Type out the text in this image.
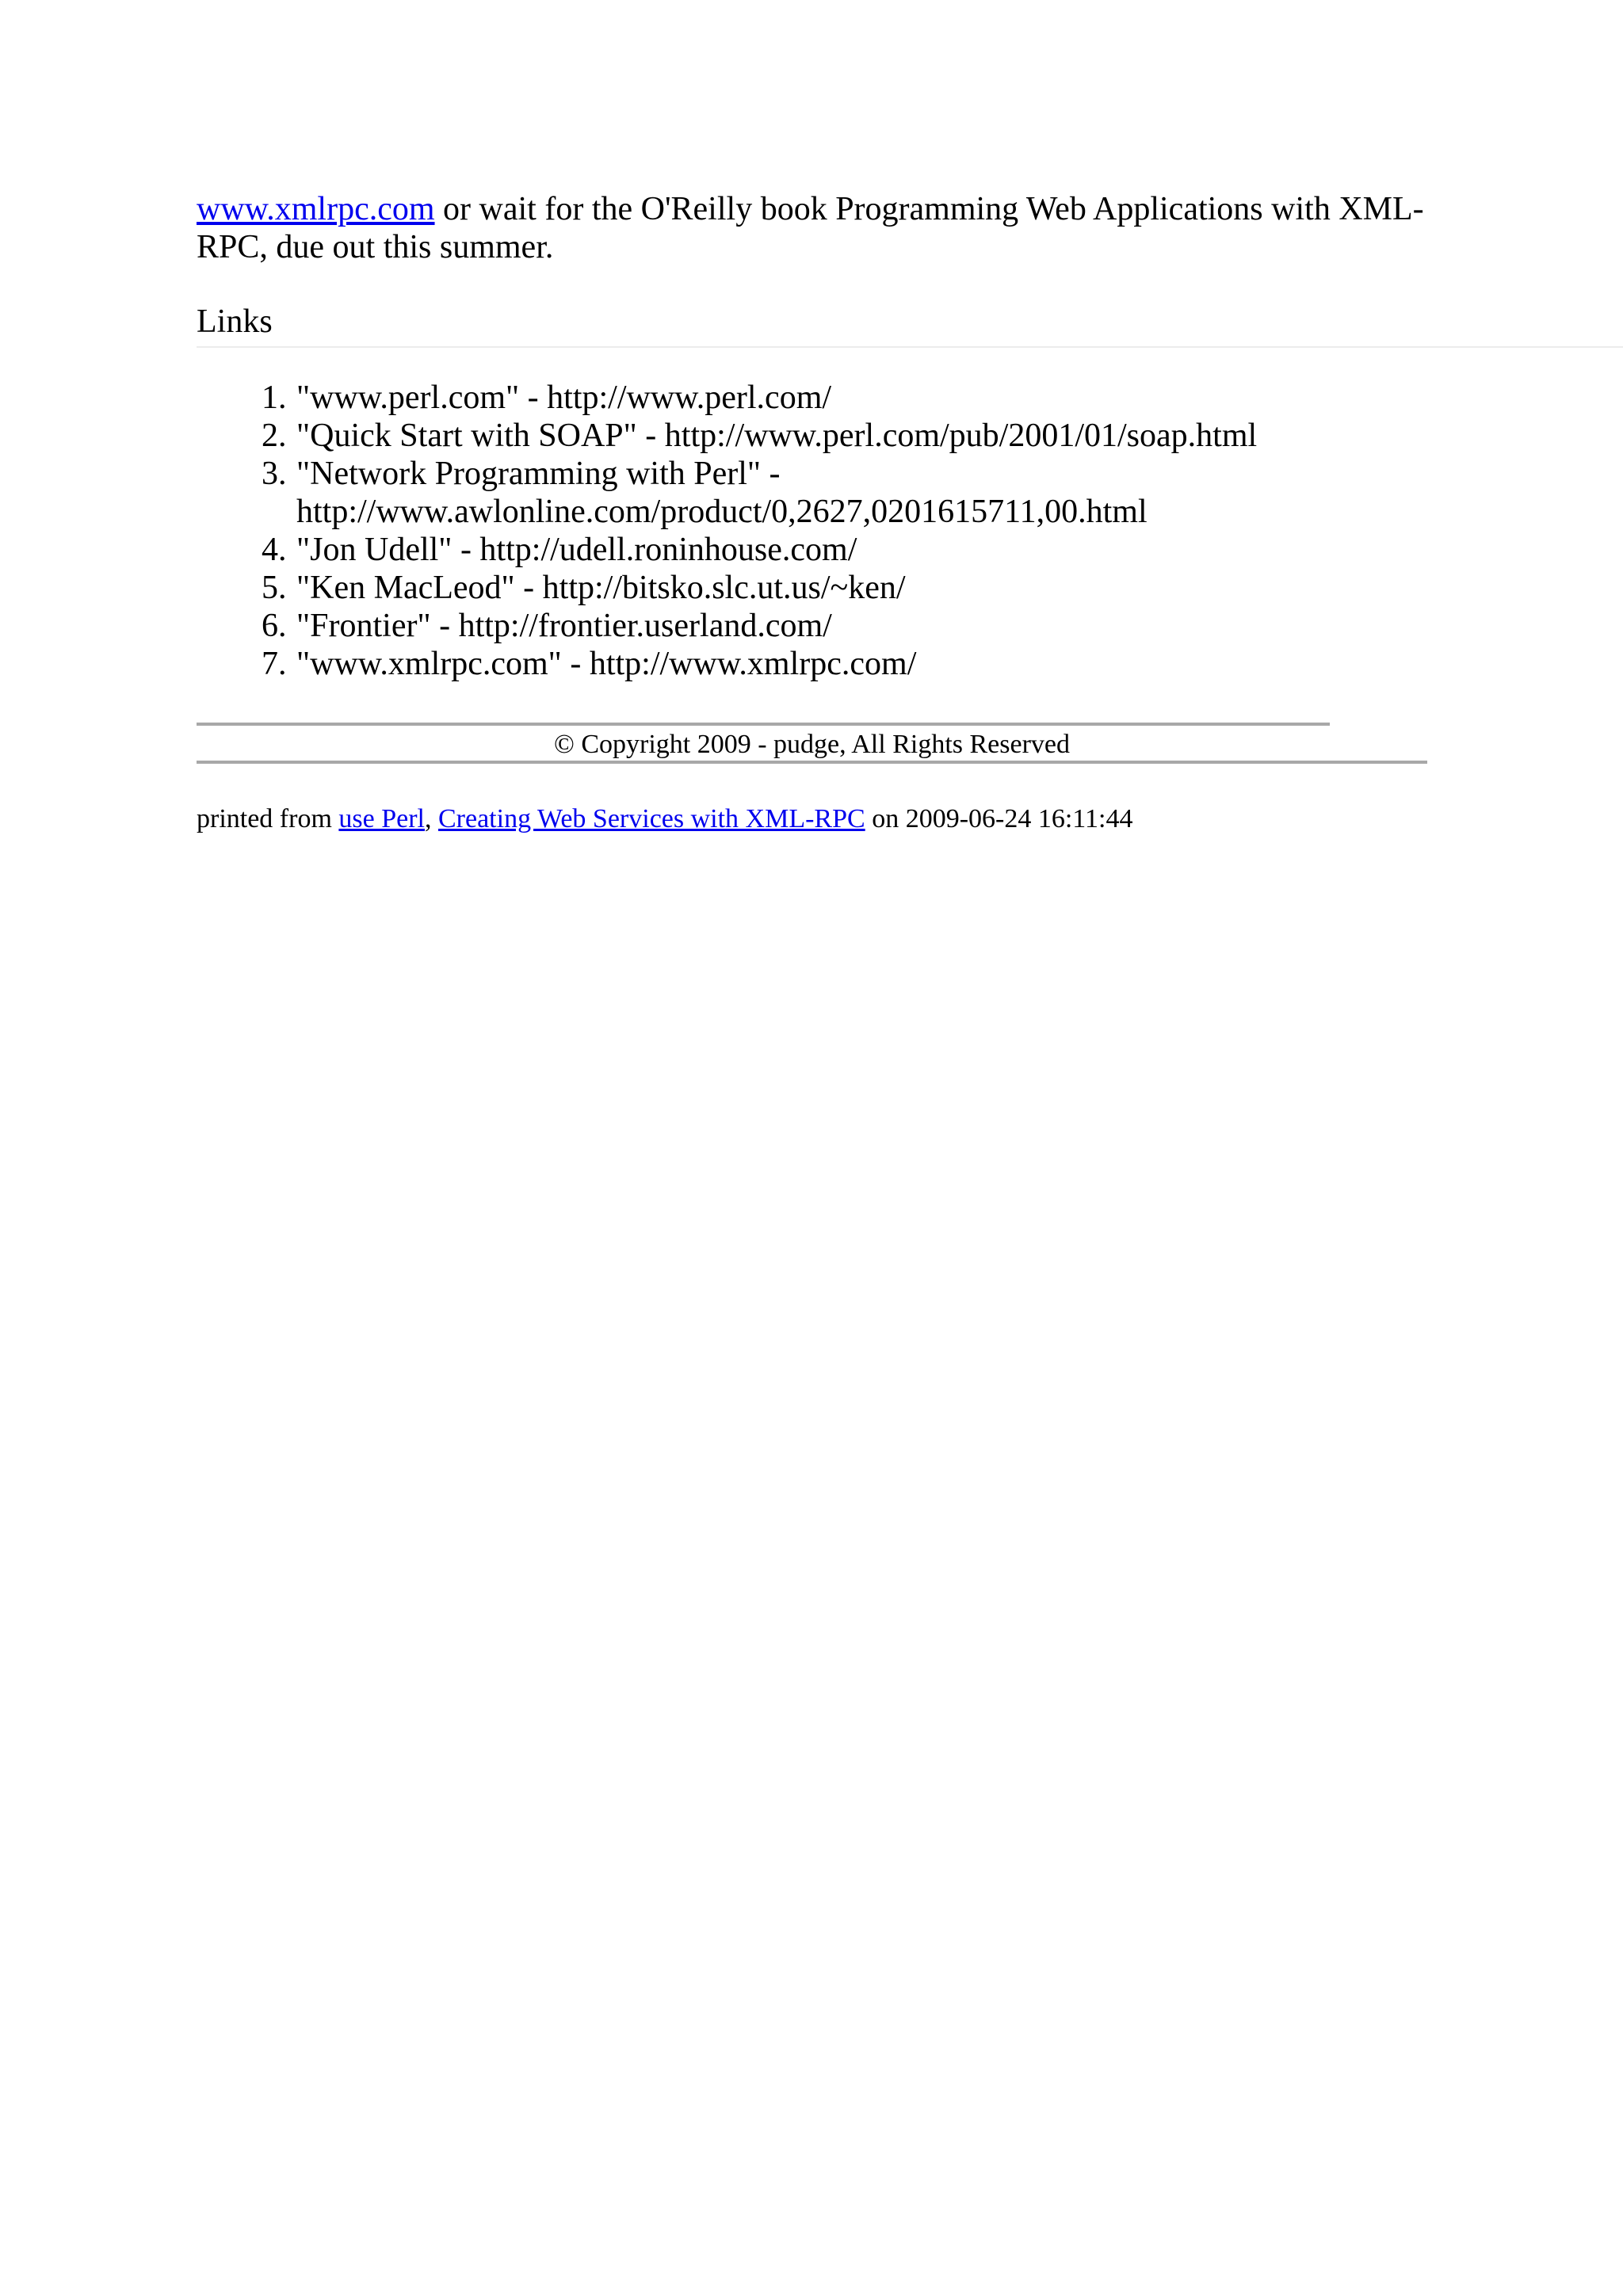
www.xmlrpc.com or wait for the O'Reilly book Programming Web Applications with XML-RPC, due out this summer.

Links
1. "www.perl.com" - http://www.perl.com/
2. "Quick Start with SOAP" - http://www.perl.com/pub/2001/01/soap.html
3. "Network Programming with Perl" - http://www.awlonline.com/product/0,2627,0201615711,00.html
4. "Jon Udell" - http://udell.roninhouse.com/
5. "Ken MacLeod" - http://bitsko.slc.ut.us/~ken/
6. "Frontier" - http://frontier.userland.com/
7. "www.xmlrpc.com" - http://www.xmlrpc.com/
© Copyright 2009 - pudge, All Rights Reserved
printed from use Perl, Creating Web Services with XML-RPC on 2009-06-24 16:11:44
